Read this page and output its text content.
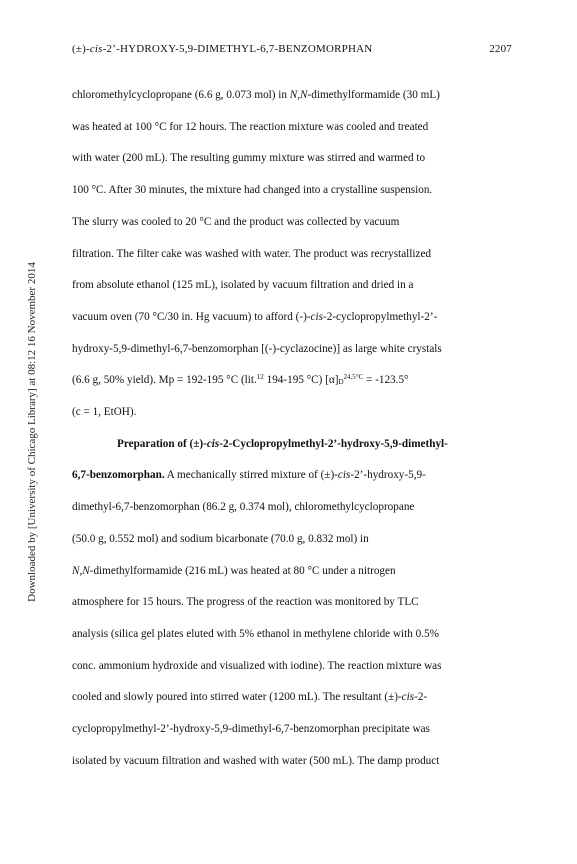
Downloaded by [University of Chicago Library] at 08:12 16 November 2014
(±)-cis-2’-HYDROXY-5,9-DIMETHYL-6,7-BENZOMORPHAN	2207
chloromethylcyclopropane (6.6 g, 0.073 mol) in N,N-dimethylformamide (30 mL)
was heated at 100 °C for 12 hours. The reaction mixture was cooled and treated
with water (200 mL). The resulting gummy mixture was stirred and warmed to
100 °C. After 30 minutes, the mixture had changed into a crystalline suspension.
The slurry was cooled to 20 °C and the product was collected by vacuum
filtration. The filter cake was washed with water. The product was recrystallized
from absolute ethanol (125 mL), isolated by vacuum filtration and dried in a
vacuum oven (70 °C/30 in. Hg vacuum) to afford (-)-cis-2-cyclopropylmethyl-2’-
hydroxy-5,9-dimethyl-6,7-benzomorphan [(-)-cyclazocine)] as large white crystals
(6.6 g, 50% yield). Mp = 192-195 °C (lit.$^{12}$ 194-195 °C) $[\alpha]_D^{24.5^\circ C} = -123.5^\circ$
(c = 1, EtOH).
Preparation of (±)-cis-2-Cyclopropylmethyl-2’-hydroxy-5,9-dimethyl-
6,7-benzomorphan. A mechanically stirred mixture of (±)-cis-2’-hydroxy-5,9-
dimethyl-6,7-benzomorphan (86.2 g, 0.374 mol), chloromethylcyclopropane
(50.0 g, 0.552 mol) and sodium bicarbonate (70.0 g, 0.832 mol) in
N,N-dimethylformamide (216 mL) was heated at 80 °C under a nitrogen
atmosphere for 15 hours. The progress of the reaction was monitored by TLC
analysis (silica gel plates eluted with 5% ethanol in methylene chloride with 0.5%
conc. ammonium hydroxide and visualized with iodine). The reaction mixture was
cooled and slowly poured into stirred water (1200 mL). The resultant (±)-cis-2-
cyclopropylmethyl-2’-hydroxy-5,9-dimethyl-6,7-benzomorphan precipitate was
isolated by vacuum filtration and washed with water (500 mL). The damp product
